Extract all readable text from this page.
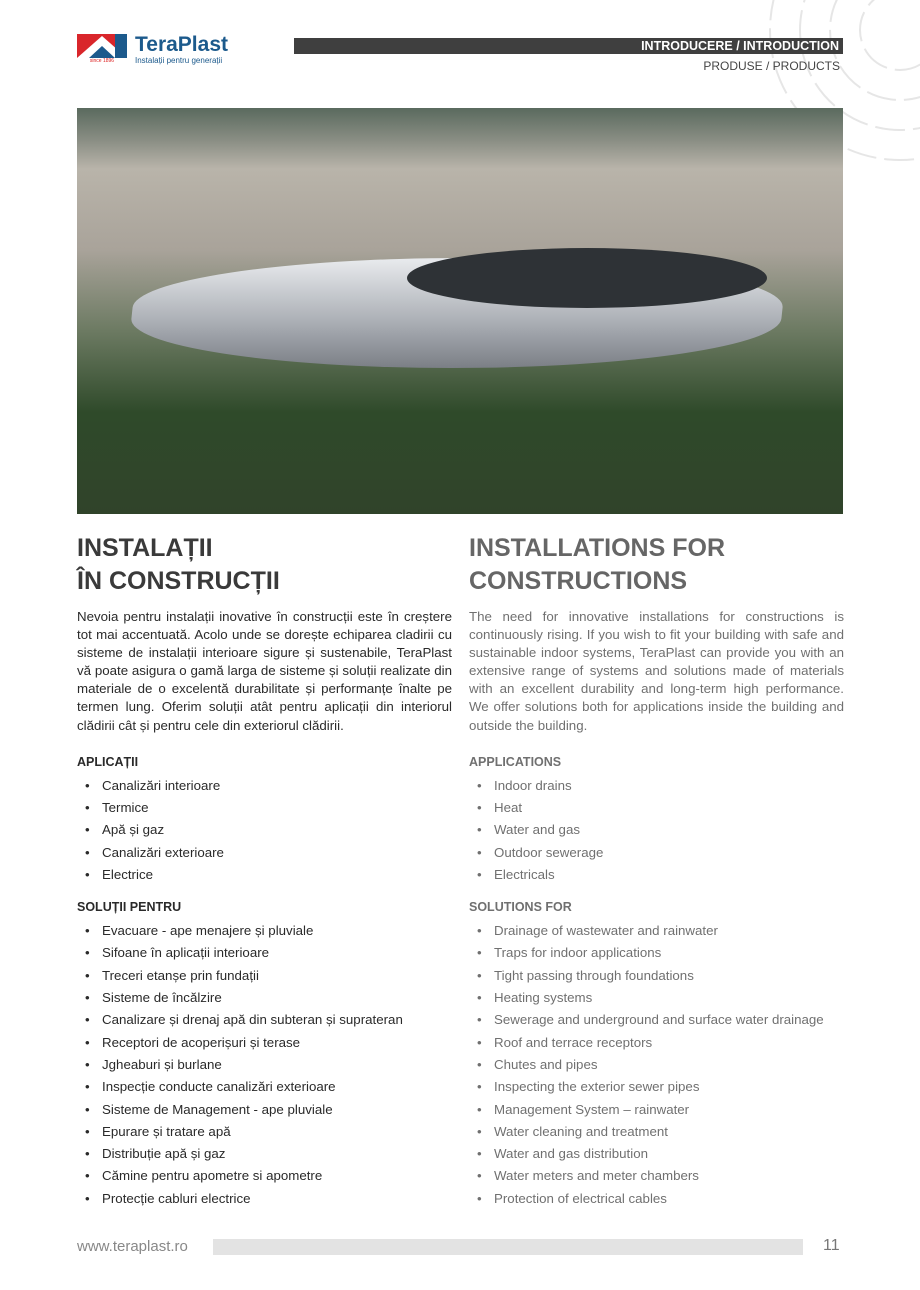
since 1896
TeraPlast
Instalații pentru generații
INTRODUCERE / INTRODUCTION
PRODUSE / PRODUCTS
INSTALAȚII
ÎN CONSTRUCȚII

Nevoia pentru instalații inovative în construcții este în creștere tot mai accentuată. Acolo unde se dorește echiparea cladirii cu sisteme de instalații interioare sigure și sustenabile, TeraPlast vă poate asigura o gamă larga de sisteme și soluții realizate din materiale de o excelentă durabilitate și performanțe înalte pe termen lung. Oferim soluții atât pentru aplicații din interiorul clădirii cât și pentru cele din exteriorul clădirii.

APLICAȚII
• Canalizări interioare
• Termice
• Apă și gaz
• Canalizări exterioare
• Electrice
SOLUȚII PENTRU
• Evacuare - ape menajere și pluviale
• Sifoane în aplicații interioare
• Treceri etanșe prin fundații
• Sisteme de încălzire
• Canalizare și drenaj apă din subteran și suprateran
• Receptori de acoperișuri și terase
• Jgheaburi și burlane
• Inspecție conducte canalizări exterioare
• Sisteme de Management - ape pluviale
• Epurare și tratare apă
• Distribuție apă și gaz
• Cămine pentru apometre si apometre
• Protecție cabluri electrice
INSTALLATIONS FOR
CONSTRUCTIONS

The need for innovative installations for constructions is continuously rising. If you wish to fit your building with safe and sustainable indoor systems, TeraPlast can provide you with an extensive range of systems and solutions made of materials with an excellent durability and long-term high performance. We offer solutions both for applications inside the building and outside the building.

APPLICATIONS
• Indoor drains
• Heat
• Water and gas
• Outdoor sewerage
• Electricals
SOLUTIONS FOR
• Drainage of wastewater and rainwater
• Traps for indoor applications
• Tight passing through foundations
• Heating systems
• Sewerage and underground and surface water drainage
• Roof and terrace receptors
• Chutes and pipes
• Inspecting the exterior sewer pipes
• Management System – rainwater
• Water cleaning and treatment
• Water and gas distribution
• Water meters and meter chambers
• Protection of electrical cables
www.teraplast.ro	11
